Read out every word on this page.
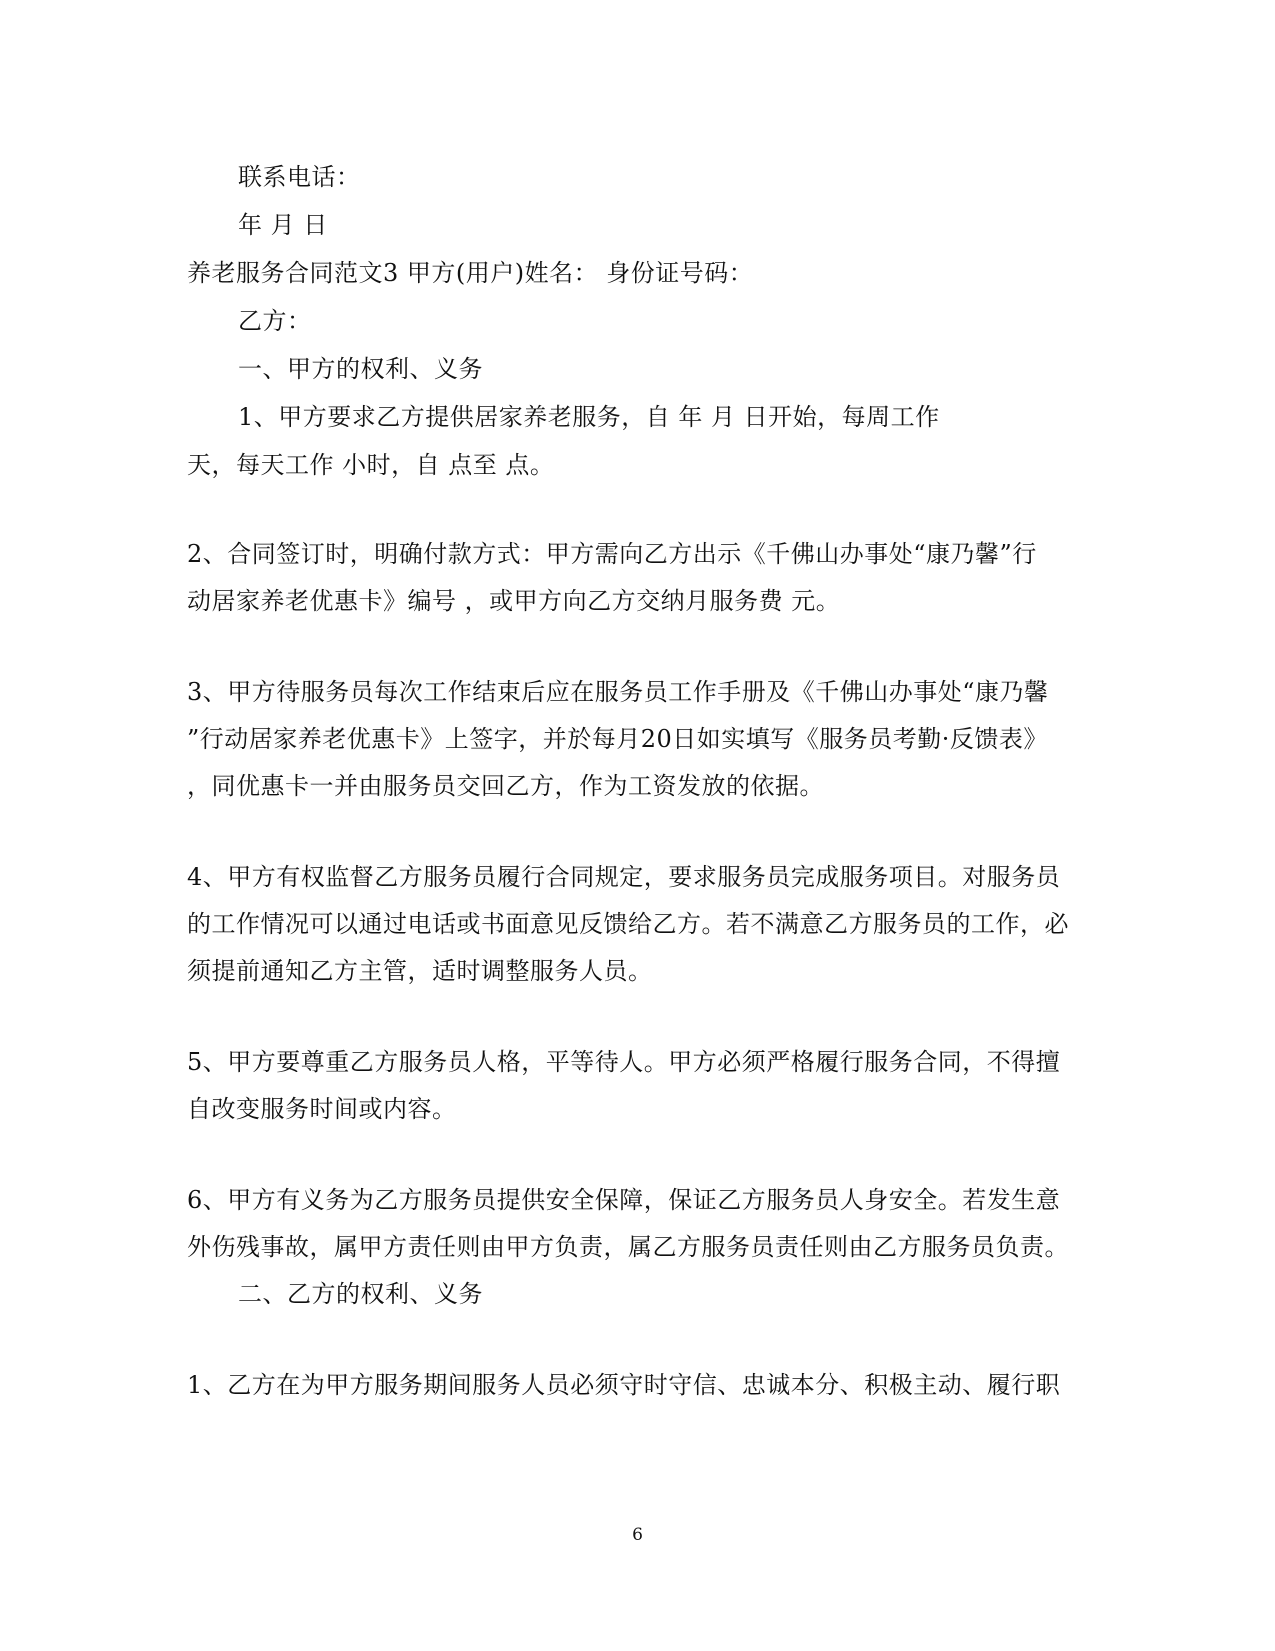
联系电话：
年 月 日
养老服务合同范文3 甲方(用户)姓名： 身份证号码：
乙方：
一、甲方的权利、义务
1、甲方要求乙方提供居家养老服务，自 年 月 日开始，每周工作
天，每天工作 小时，自 点至 点。
2、合同签订时，明确付款方式：甲方需向乙方出示《千佛山办事处“康乃馨”行
动居家养老优惠卡》编号 ，或甲方向乙方交纳月服务费 元。
3、甲方待服务员每次工作结束后应在服务员工作手册及《千佛山办事处“康乃馨
”行动居家养老优惠卡》上签字，并於每月20日如实填写《服务员考勤·反馈表》
，同优惠卡一并由服务员交回乙方，作为工资发放的依据。
4、甲方有权监督乙方服务员履行合同规定，要求服务员完成服务项目。对服务员
的工作情况可以通过电话或书面意见反馈给乙方。若不满意乙方服务员的工作，必
须提前通知乙方主管，适时调整服务人员。
5、甲方要尊重乙方服务员人格，平等待人。甲方必须严格履行服务合同，不得擅
自改变服务时间或内容。
6、甲方有义务为乙方服务员提供安全保障，保证乙方服务员人身安全。若发生意
外伤残事故，属甲方责任则由甲方负责，属乙方服务员责任则由乙方服务员负责。
二、乙方的权利、义务
1、乙方在为甲方服务期间服务人员必须守时守信、忠诚本分、积极主动、履行职
6
